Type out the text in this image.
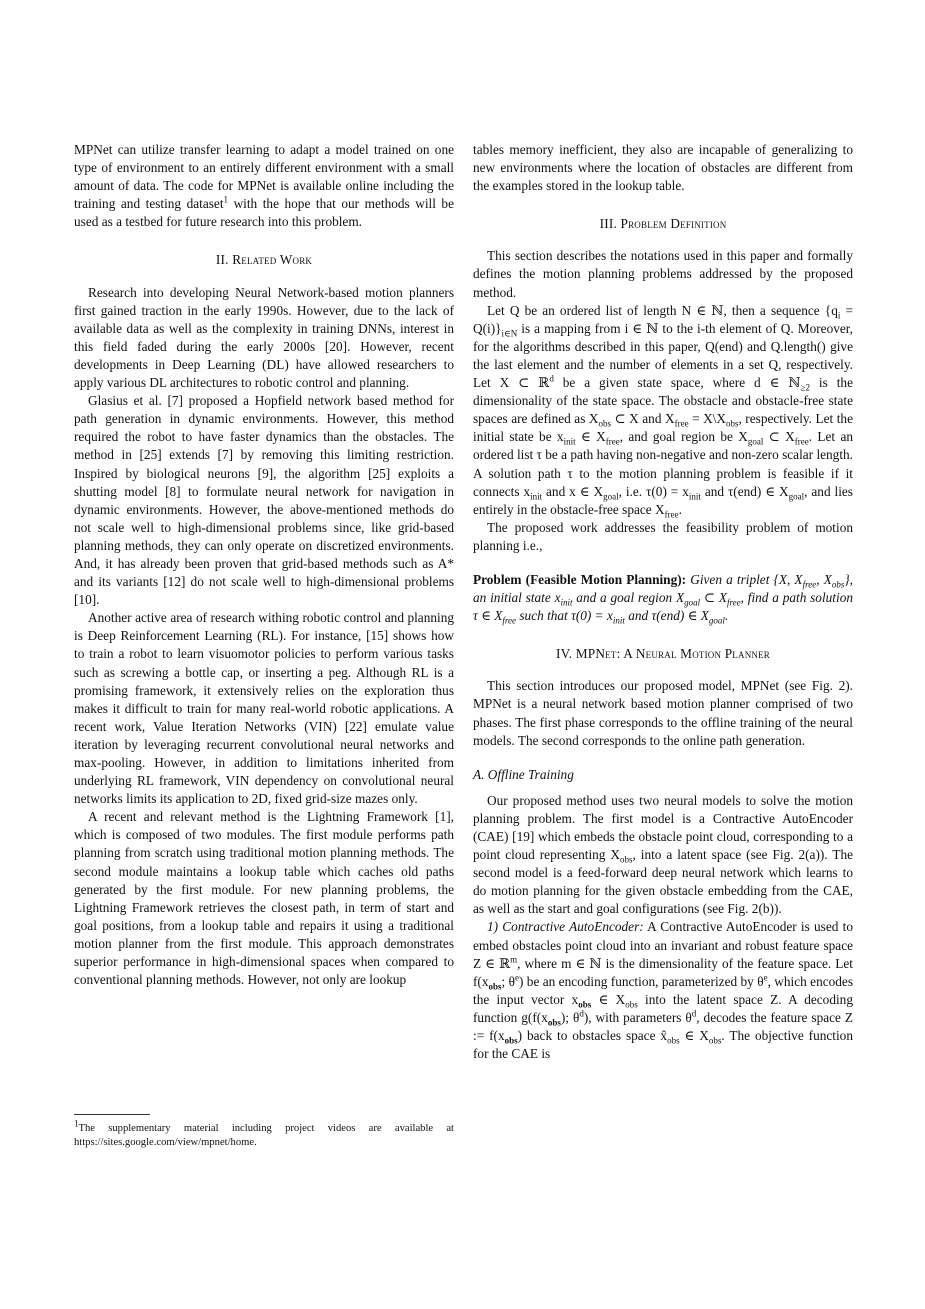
MPNet can utilize transfer learning to adapt a model trained on one type of environment to an entirely different environment with a small amount of data. The code for MPNet is available online including the training and testing dataset$^1$ with the hope that our methods will be used as a testbed for future research into this problem.

II. Related Work

Research into developing Neural Network-based motion planners first gained traction in the early 1990s. However, due to the lack of available data as well as the complexity in training DNNs, interest in this field faded during the early 2000s [20]. However, recent developments in Deep Learning (DL) have allowed researchers to apply various DL architectures to robotic control and planning.

Glasius et al. [7] proposed a Hopfield network based method for path generation in dynamic environments. However, this method required the robot to have faster dynamics than the obstacles. The method in [25] extends [7] by removing this limiting restriction. Inspired by biological neurons [9], the algorithm [25] exploits a shutting model [8] to formulate neural network for navigation in dynamic environments. However, the above-mentioned methods do not scale well to high-dimensional problems since, like grid-based planning methods, they can only operate on discretized environments. And, it has already been proven that grid-based methods such as A* and its variants [12] do not scale well to high-dimensional problems [10].

Another active area of research withing robotic control and planning is Deep Reinforcement Learning (RL). For instance, [15] shows how to train a robot to learn visuomotor policies to perform various tasks such as screwing a bottle cap, or inserting a peg. Although RL is a promising framework, it extensively relies on the exploration thus makes it difficult to train for many real-world robotic applications. A recent work, Value Iteration Networks (VIN) [22] emulate value iteration by leveraging recurrent convolutional neural networks and max-pooling. However, in addition to limitations inherited from underlying RL framework, VIN dependency on convolutional neural networks limits its application to 2D, fixed grid-size mazes only.

A recent and relevant method is the Lightning Framework [1], which is composed of two modules. The first module performs path planning from scratch using traditional motion planning methods. The second module maintains a lookup table which caches old paths generated by the first module. For new planning problems, the Lightning Framework retrieves the closest path, in term of start and goal positions, from a lookup table and repairs it using a traditional motion planner from the first module. This approach demonstrates superior performance in high-dimensional spaces when compared to conventional planning methods. However, not only are lookup

$^1$The supplementary material including project videos are available at https://sites.google.com/view/mpnet/home.

tables memory inefficient, they also are incapable of generalizing to new environments where the location of obstacles are different from the examples stored in the lookup table.

III. Problem Definition

This section describes the notations used in this paper and formally defines the motion planning problems addressed by the proposed method.

Let Q be an ordered list of length N ∈ ℕ, then a sequence $\{q_i = Q(i)\}_{i\in N}$ is a mapping from i ∈ ℕ to the i-th element of Q. Moreover, for the algorithms described in this paper, Q(end) and Q.length() give the last element and the number of elements in a set Q, respectively. Let X ⊂ ℝ$^d$ be a given state space, where d ∈ ℕ$_{\ge 2}$ is the dimensionality of the state space. The obstacle and obstacle-free state spaces are defined as $X_{obs}$ ⊂ X and $X_{free}$ = $X\backslash X_{obs}$, respectively. Let the initial state be $x_{init}$ ∈ $X_{free}$, and goal region be $X_{goal}$ ⊂ $X_{free}$. Let an ordered list τ be a path having non-negative and non-zero scalar length. A solution path τ to the motion planning problem is feasible if it connects $x_{init}$ and x ∈ $X_{goal}$, i.e. $\tau(0) = x_{init}$ and τ(end) ∈ $X_{goal}$, and lies entirely in the obstacle-free space $X_{free}$.

The proposed work addresses the feasibility problem of motion planning i.e.,

Problem (Feasible Motion Planning): Given a triplet {X, $X_{free}$, $X_{obs}$}, an initial state $x_{init}$ and a goal region $X_{goal}$ ⊂ $X_{free}$, find a path solution τ ∈ $X_{free}$ such that $\tau(0) = x_{init}$ and τ(end) ∈ $X_{goal}$.

IV. MPNet: A Neural Motion Planner

This section introduces our proposed model, MPNet (see Fig. 2). MPNet is a neural network based motion planner comprised of two phases. The first phase corresponds to the offline training of the neural models. The second corresponds to the online path generation.

A. Offline Training

Our proposed method uses two neural models to solve the motion planning problem. The first model is a Contractive AutoEncoder (CAE) [19] which embeds the obstacle point cloud, corresponding to a point cloud representing $X_{obs}$, into a latent space (see Fig. 2(a)). The second model is a feed-forward deep neural network which learns to do motion planning for the given obstacle embedding from the CAE, as well as the start and goal configurations (see Fig. 2(b)).

1) Contractive AutoEncoder: A Contractive AutoEncoder is used to embed obstacles point cloud into an invariant and robust feature space Z ∈ ℝ$^m$, where m ∈ ℕ is the dimensionality of the feature space. Let $f(x_{obs}$; $\theta^e$) be an encoding function, parameterized by $\theta^e$, which encodes the input vector $x_{obs}$ ∈ $X_{obs}$ into the latent space Z. A decoding function $g(f(x_{obs})$; $\theta^d$), with parameters $\theta^d$, decodes the feature space Z := $f(x_{obs})$ back to obstacles space $x̂_{obs}$ ∈ $X_{obs}$. The objective function for the CAE is
